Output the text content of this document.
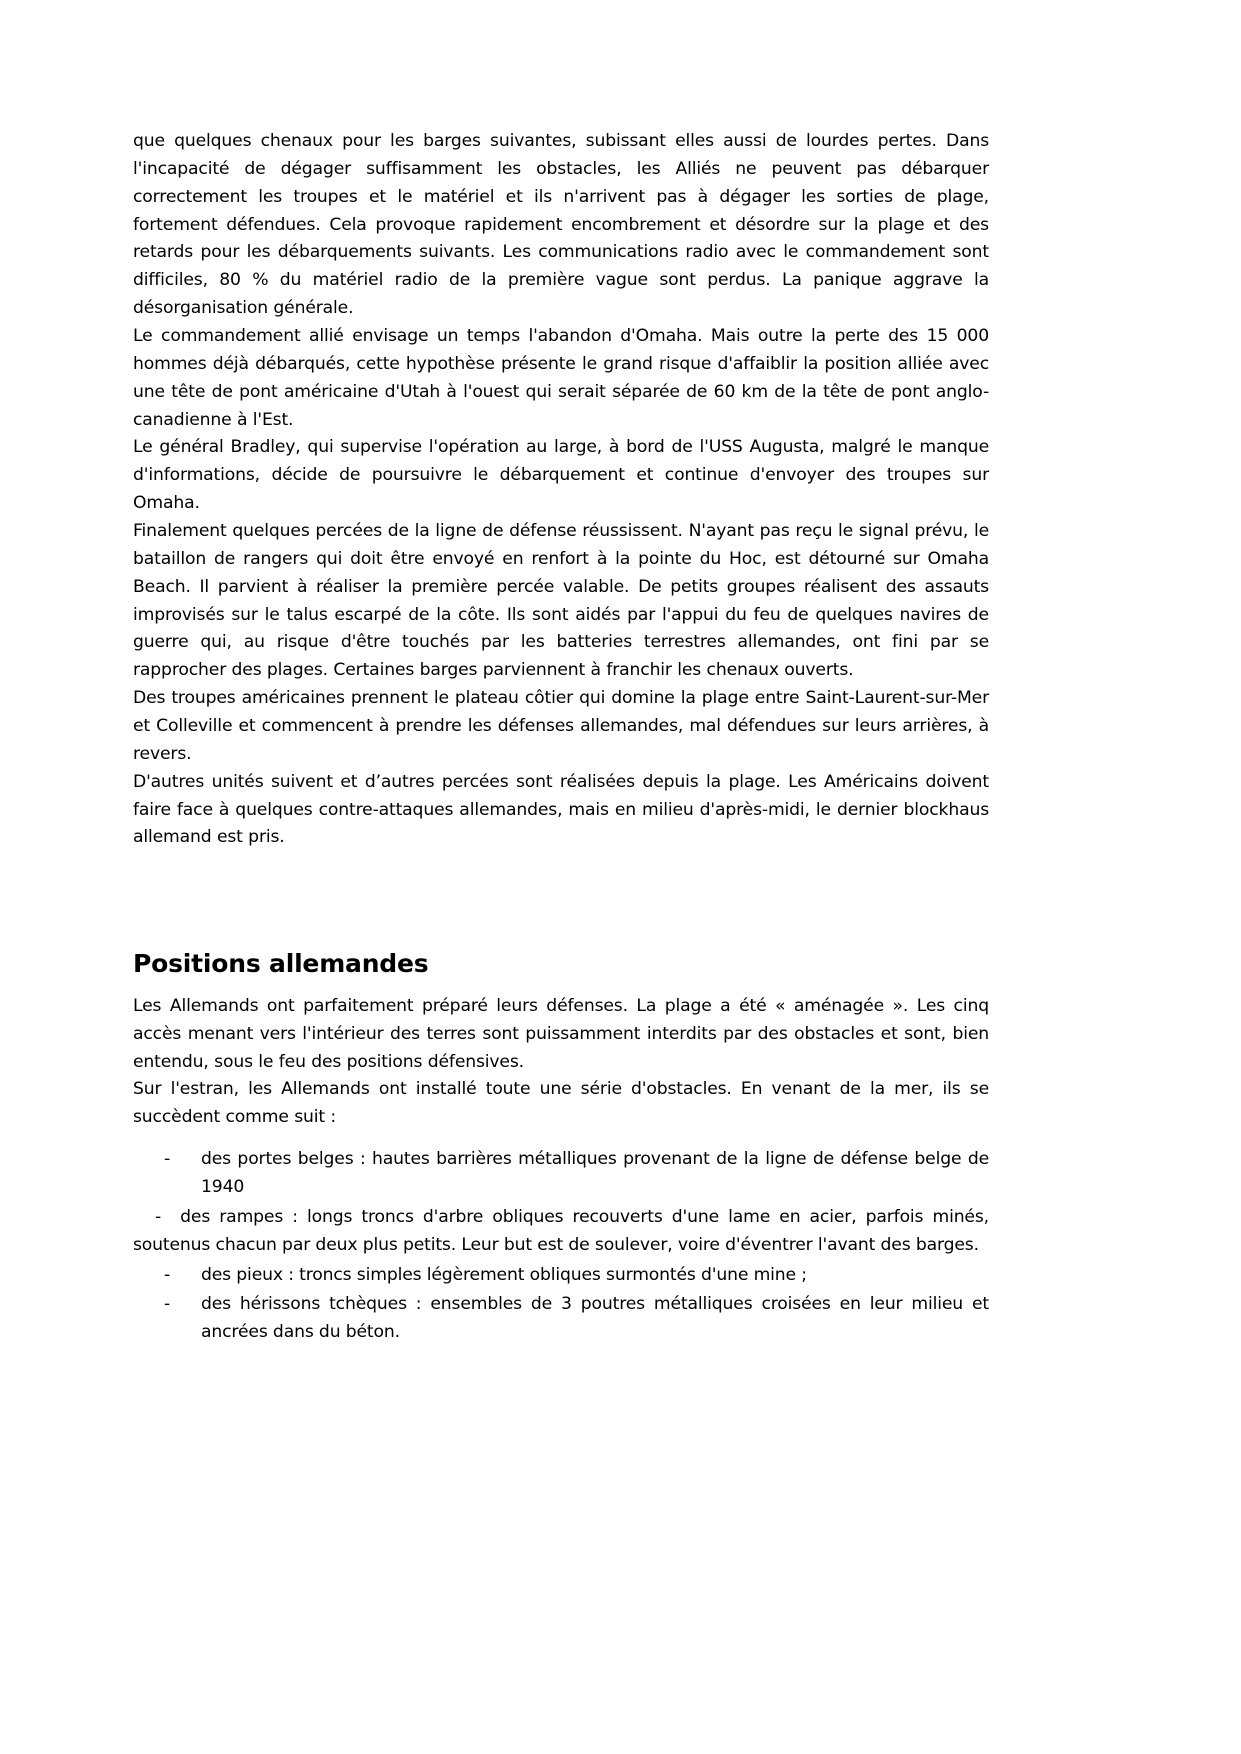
que quelques chenaux pour les barges suivantes, subissant elles aussi de lourdes pertes. Dans l'incapacité de dégager suffisamment les obstacles, les Alliés ne peuvent pas débarquer correctement les troupes et le matériel et ils n'arrivent pas à dégager les sorties de plage, fortement défendues. Cela provoque rapidement encombrement et désordre sur la plage et des retards pour les débarquements suivants. Les communications radio avec le commandement sont difficiles, 80 % du matériel radio de la première vague sont perdus. La panique aggrave la désorganisation générale.

Le commandement allié envisage un temps l'abandon d'Omaha. Mais outre la perte des 15 000 hommes déjà débarqués, cette hypothèse présente le grand risque d'affaiblir la position alliée avec une tête de pont américaine d'Utah à l'ouest qui serait séparée de 60 km de la tête de pont anglo-canadienne à l'Est.

Le général Bradley, qui supervise l'opération au large, à bord de l'USS Augusta, malgré le manque d'informations, décide de poursuivre le débarquement et continue d'envoyer des troupes sur Omaha.

Finalement quelques percées de la ligne de défense réussissent. N'ayant pas reçu le signal prévu, le bataillon de rangers qui doit être envoyé en renfort à la pointe du Hoc, est détourné sur Omaha Beach. Il parvient à réaliser la première percée valable. De petits groupes réalisent des assauts improvisés sur le talus escarpé de la côte. Ils sont aidés par l'appui du feu de quelques navires de guerre qui, au risque d'être touchés par les batteries terrestres allemandes, ont fini par se rapprocher des plages. Certaines barges parviennent à franchir les chenaux ouverts.

Des troupes américaines prennent le plateau côtier qui domine la plage entre Saint-Laurent-sur-Mer et Colleville et commencent à prendre les défenses allemandes, mal défendues sur leurs arrières, à revers.

D'autres unités suivent et d’autres percées sont réalisées depuis la plage. Les Américains doivent faire face à quelques contre-attaques allemandes, mais en milieu d'après-midi, le dernier blockhaus allemand est pris.

Positions allemandes

Les Allemands ont parfaitement préparé leurs défenses. La plage a été « aménagée ». Les cinq accès menant vers l'intérieur des terres sont puissamment interdits par des obstacles et sont, bien entendu, sous le feu des positions défensives.

Sur l'estran, les Allemands ont installé toute une série d'obstacles. En venant de la mer, ils se succèdent comme suit :

- des portes belges : hautes barrières métalliques provenant de la ligne de défense belge de 1940
- des rampes : longs troncs d'arbre obliques recouverts d'une lame en acier, parfois minés, soutenus chacun par deux plus petits. Leur but est de soulever, voire d'éventrer l'avant des barges.
- des pieux : troncs simples légèrement obliques surmontés d'une mine ;
- des hérissons tchèques : ensembles de 3 poutres métalliques croisées en leur milieu et ancrées dans du béton.
